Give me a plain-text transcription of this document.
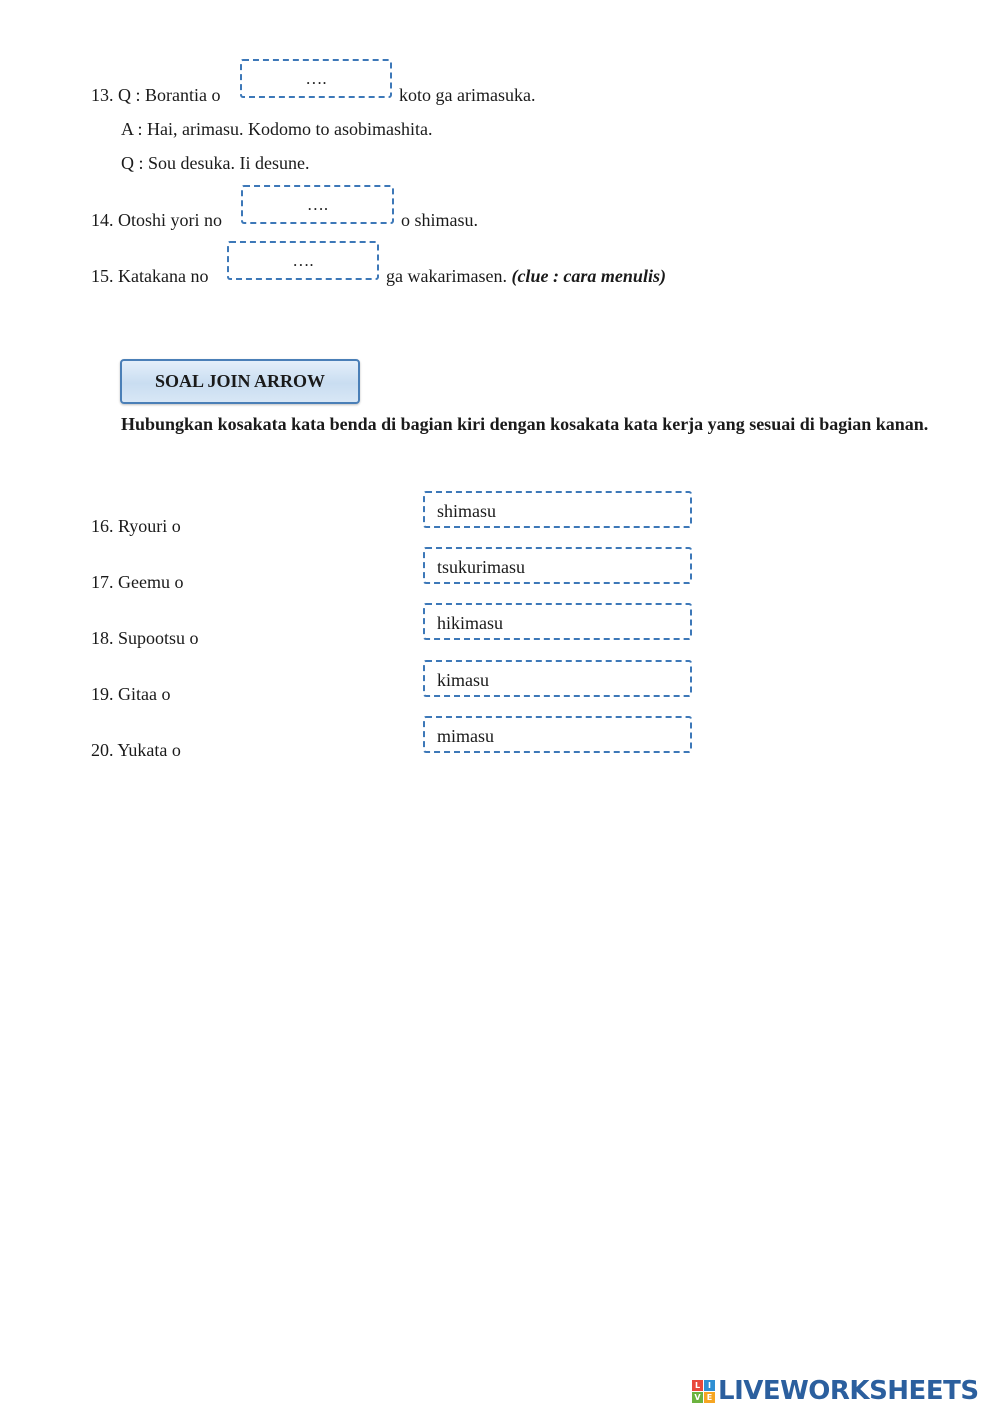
13. Q : Borantia o
….
koto ga arimasuka.
A : Hai, arimasu. Kodomo to asobimashita.
Q : Sou desuka. Ii desune.
14. Otoshi yori no
….
o shimasu.
15. Katakana no
….
ga wakarimasen. (clue : cara menulis)
SOAL JOIN ARROW
Hubungkan kosakata kata benda di bagian kiri dengan kosakata kata kerja yang sesuai di bagian kanan.
16. Ryouri o
17. Geemu o
18. Supootsu o
19. Gitaa o
20. Yukata o
shimasu
tsukurimasu
hikimasu
kimasu
mimasu
L I
V E LIVEWORKSHEETS
